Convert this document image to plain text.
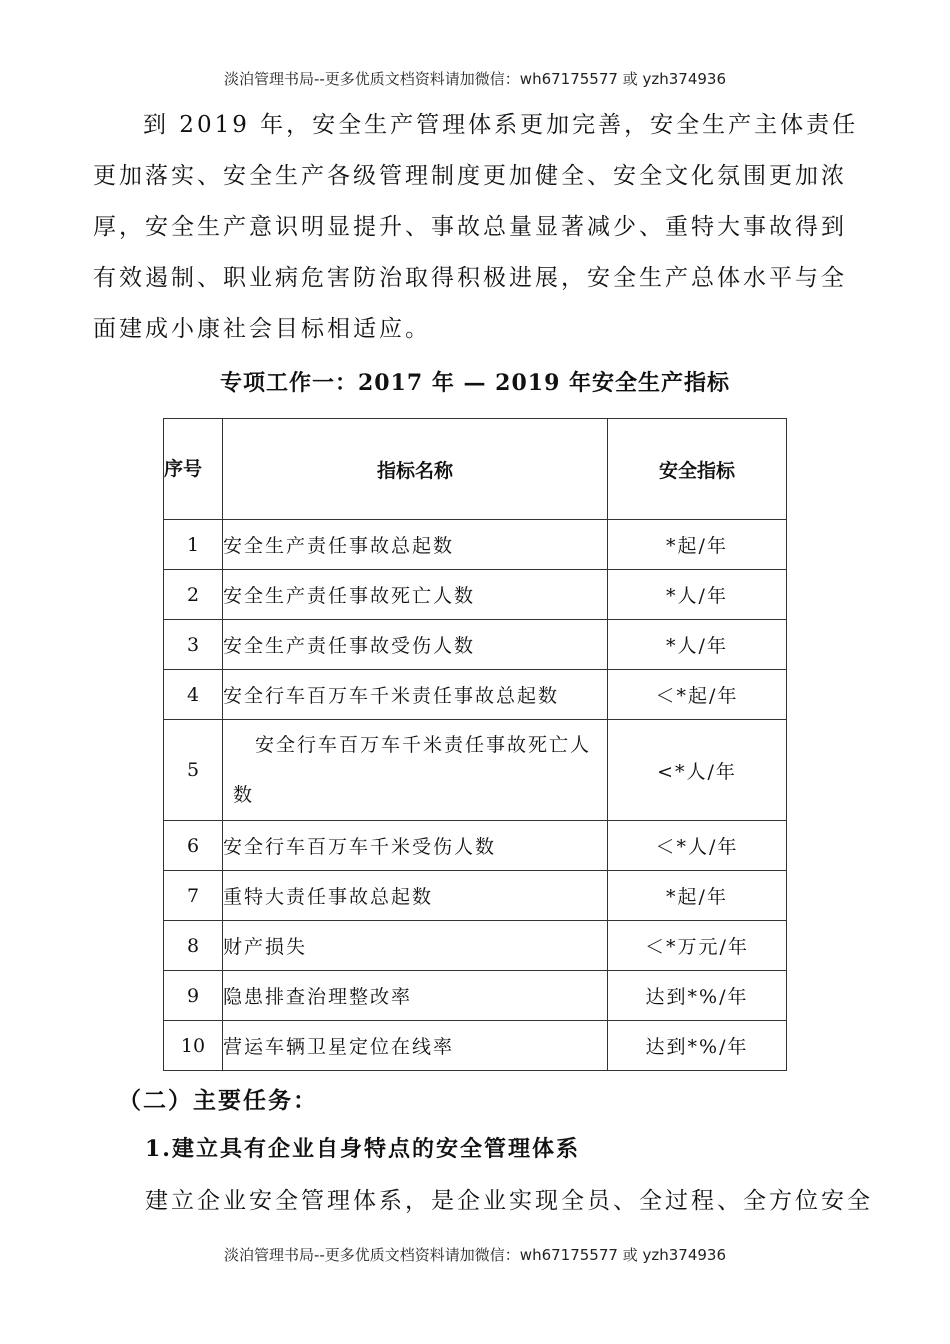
淡泊管理书局--更多优质文档资料请加微信：wh67175577 或 yzh374936
到 2019 年，安全生产管理体系更加完善，安全生产主体责任更加落实、安全生产各级管理制度更加健全、安全文化氛围更加浓厚，安全生产意识明显提升、事故总量显著减少、重特大事故得到有效遏制、职业病危害防治取得积极进展，安全生产总体水平与全面建成小康社会目标相适应。
专项工作一：2017 年 — 2019 年安全生产指标
序号	指标名称	安全指标
1	安全生产责任事故总起数	*起/年
2	安全生产责任事故死亡人数	*人/年
3	安全生产责任事故受伤人数	*人/年
4	安全行车百万车千米责任事故总起数	＜*起/年
5	安全行车百万车千米责任事故死亡人数	<*人/年
6	安全行车百万车千米受伤人数	＜*人/年
7	重特大责任事故总起数	*起/年
8	财产损失	＜*万元/年
9	隐患排查治理整改率	达到*%/年
10	营运车辆卫星定位在线率	达到*%/年
（二）主要任务：
1.建立具有企业自身特点的安全管理体系
建立企业安全管理体系，是企业实现全员、全过程、全方位安全
淡泊管理书局--更多优质文档资料请加微信：wh67175577 或 yzh374936
